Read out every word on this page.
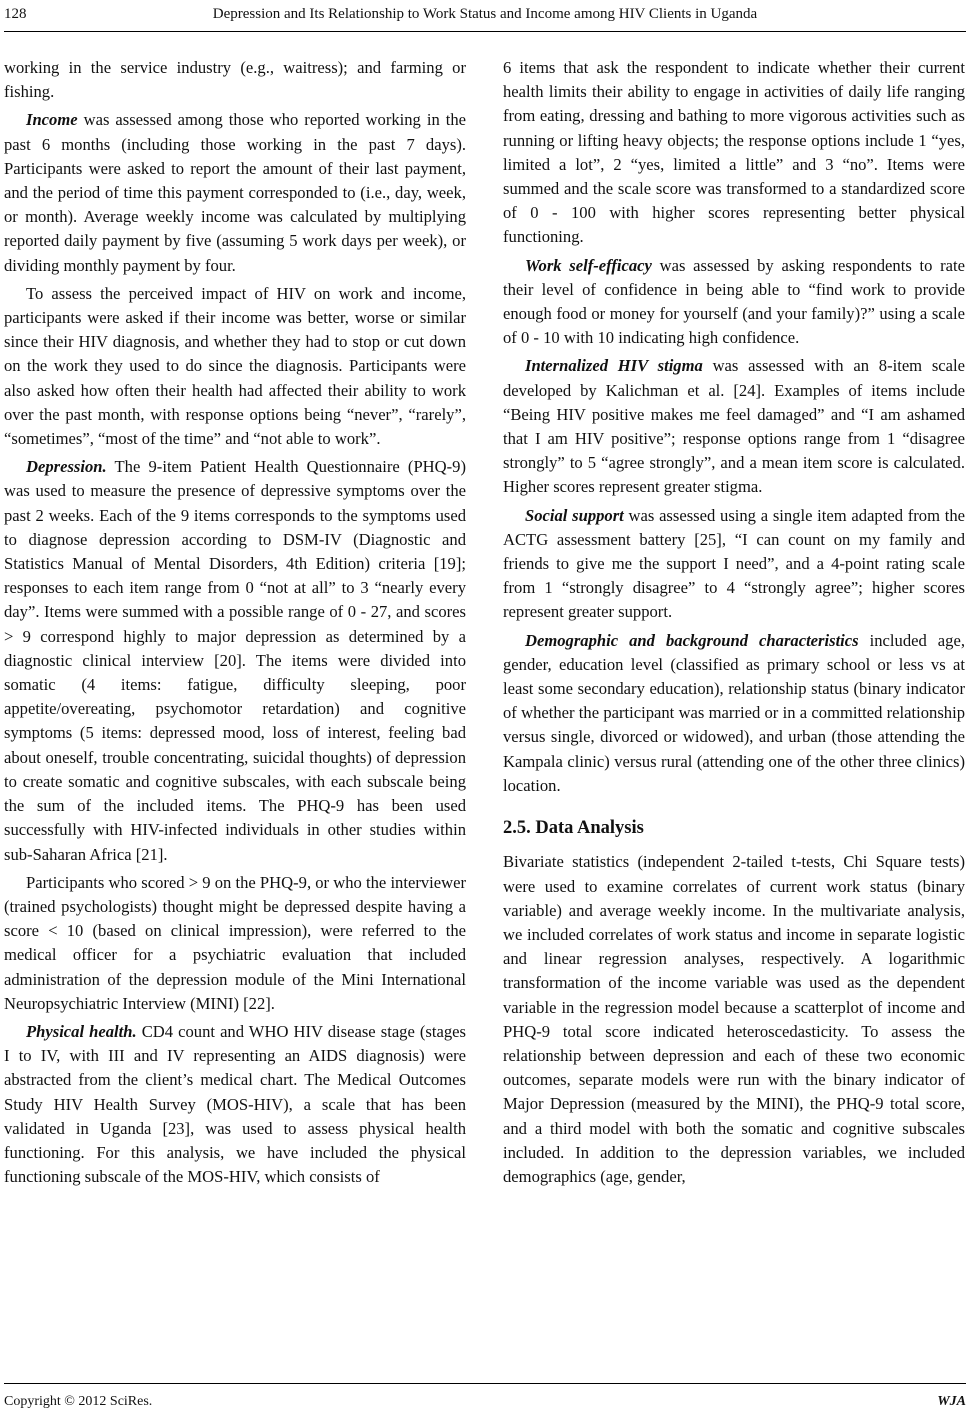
128	Depression and Its Relationship to Work Status and Income among HIV Clients in Uganda

working in the service industry (e.g., waitress); and farming or fishing.

Income was assessed among those who reported working in the past 6 months (including those working in the past 7 days). Participants were asked to report the amount of their last payment, and the period of time this payment corresponded to (i.e., day, week, or month). Average weekly income was calculated by multiplying reported daily payment by five (assuming 5 work days per week), or dividing monthly payment by four.

To assess the perceived impact of HIV on work and income, participants were asked if their income was better, worse or similar since their HIV diagnosis, and whether they had to stop or cut down on the work they used to do since the diagnosis. Participants were also asked how often their health had affected their ability to work over the past month, with response options being “never”, “rarely”, “sometimes”, “most of the time” and “not able to work”.

Depression. The 9-item Patient Health Questionnaire (PHQ-9) was used to measure the presence of depressive symptoms over the past 2 weeks. Each of the 9 items corresponds to the symptoms used to diagnose depression according to DSM-IV (Diagnostic and Statistics Manual of Mental Disorders, 4th Edition) criteria [19]; responses to each item range from 0 “not at all” to 3 “nearly every day”. Items were summed with a possible range of 0 - 27, and scores > 9 correspond highly to major depression as determined by a diagnostic clinical interview [20]. The items were divided into somatic (4 items: fatigue, difficulty sleeping, poor appetite/overeating, psychomotor retardation) and cognitive symptoms (5 items: depressed mood, loss of interest, feeling bad about oneself, trouble concentrating, suicidal thoughts) of depression to create somatic and cognitive subscales, with each subscale being the sum of the included items. The PHQ-9 has been used successfully with HIV-infected individuals in other studies within sub-Saharan Africa [21].

Participants who scored > 9 on the PHQ-9, or who the interviewer (trained psychologists) thought might be depressed despite having a score < 10 (based on clinical impression), were referred to the medical officer for a psychiatric evaluation that included administration of the depression module of the Mini International Neuropsychiatric Interview (MINI) [22].

Physical health. CD4 count and WHO HIV disease stage (stages I to IV, with III and IV representing an AIDS diagnosis) were abstracted from the client’s medical chart. The Medical Outcomes Study HIV Health Survey (MOS-HIV), a scale that has been validated in Uganda [23], was used to assess physical health functioning. For this analysis, we have included the physical functioning subscale of the MOS-HIV, which consists of

6 items that ask the respondent to indicate whether their current health limits their ability to engage in activities of daily life ranging from eating, dressing and bathing to more vigorous activities such as running or lifting heavy objects; the response options include 1 “yes, limited a lot”, 2 “yes, limited a little” and 3 “no”. Items were summed and the scale score was transformed to a standardized score of 0 - 100 with higher scores representing better physical functioning.

Work self-efficacy was assessed by asking respondents to rate their level of confidence in being able to “find work to provide enough food or money for yourself (and your family)?” using a scale of 0 - 10 with 10 indicating high confidence.

Internalized HIV stigma was assessed with an 8-item scale developed by Kalichman et al. [24]. Examples of items include “Being HIV positive makes me feel damaged” and “I am ashamed that I am HIV positive”; response options range from 1 “disagree strongly” to 5 “agree strongly”, and a mean item score is calculated. Higher scores represent greater stigma.

Social support was assessed using a single item adapted from the ACTG assessment battery [25], “I can count on my family and friends to give me the support I need”, and a 4-point rating scale from 1 “strongly disagree” to 4 “strongly agree”; higher scores represent greater support.

Demographic and background characteristics included age, gender, education level (classified as primary school or less vs at least some secondary education), relationship status (binary indicator of whether the participant was married or in a committed relationship versus single, divorced or widowed), and urban (those attending the Kampala clinic) versus rural (attending one of the other three clinics) location.

2.5. Data Analysis

Bivariate statistics (independent 2-tailed t-tests, Chi Square tests) were used to examine correlates of current work status (binary variable) and average weekly income. In the multivariate analysis, we included correlates of work status and income in separate logistic and linear regression analyses, respectively. A logarithmic transformation of the income variable was used as the dependent variable in the regression model because a scatterplot of income and PHQ-9 total score indicated heteroscedasticity. To assess the relationship between depression and each of these two economic outcomes, separate models were run with the binary indicator of Major Depression (measured by the MINI), the PHQ-9 total score, and a third model with both the somatic and cognitive subscales included. In addition to the depression variables, we included demographics (age, gender,

Copyright © 2012 SciRes.	WJA
